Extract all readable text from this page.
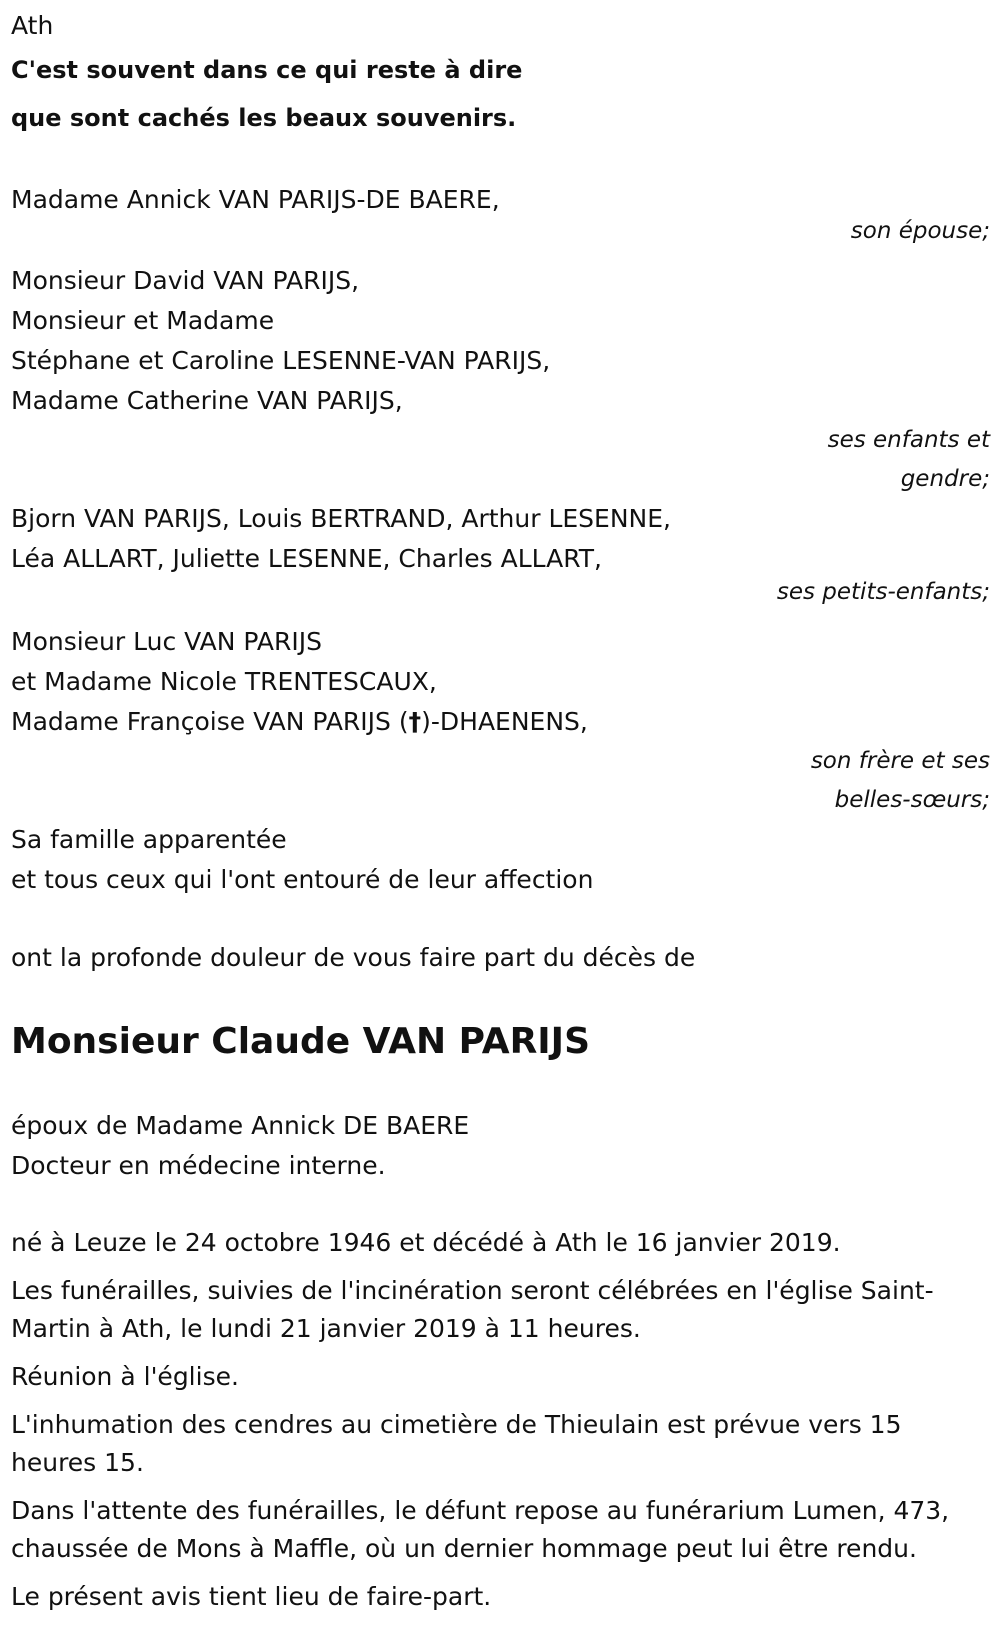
Ath

C'est souvent dans ce qui reste à dire

que sont cachés les beaux souvenirs.

Madame Annick VAN PARIJS-DE BAERE,

son épouse;

Monsieur David VAN PARIJS,

Monsieur et Madame

Stéphane et Caroline LESENNE-VAN PARIJS,

Madame Catherine VAN PARIJS,

ses enfants et

gendre;

Bjorn VAN PARIJS, Louis BERTRAND, Arthur LESENNE,

Léa ALLART, Juliette LESENNE, Charles ALLART,

ses petits-enfants;

Monsieur Luc VAN PARIJS

et Madame Nicole TRENTESCAUX,

Madame Françoise VAN PARIJS (†)-DHAENENS,

son frère et ses

belles-sœurs;

Sa famille apparentée

et tous ceux qui l'ont entouré de leur affection

ont la profonde douleur de vous faire part du décès de

Monsieur Claude VAN PARIJS

époux de Madame Annick DE BAERE

Docteur en médecine interne.

né à Leuze le 24 octobre 1946 et décédé à Ath le 16 janvier 2019.

Les funérailles, suivies de l'incinération seront célébrées en l'église Saint-Martin à Ath, le lundi 21 janvier 2019 à 11 heures.

Réunion à l'église.

L'inhumation des cendres au cimetière de Thieulain est prévue vers 15 heures 15.

Dans l'attente des funérailles, le défunt repose au funérarium Lumen, 473, chaussée de Mons à Maffle, où un dernier hommage peut lui être rendu.

Le présent avis tient lieu de faire-part.
